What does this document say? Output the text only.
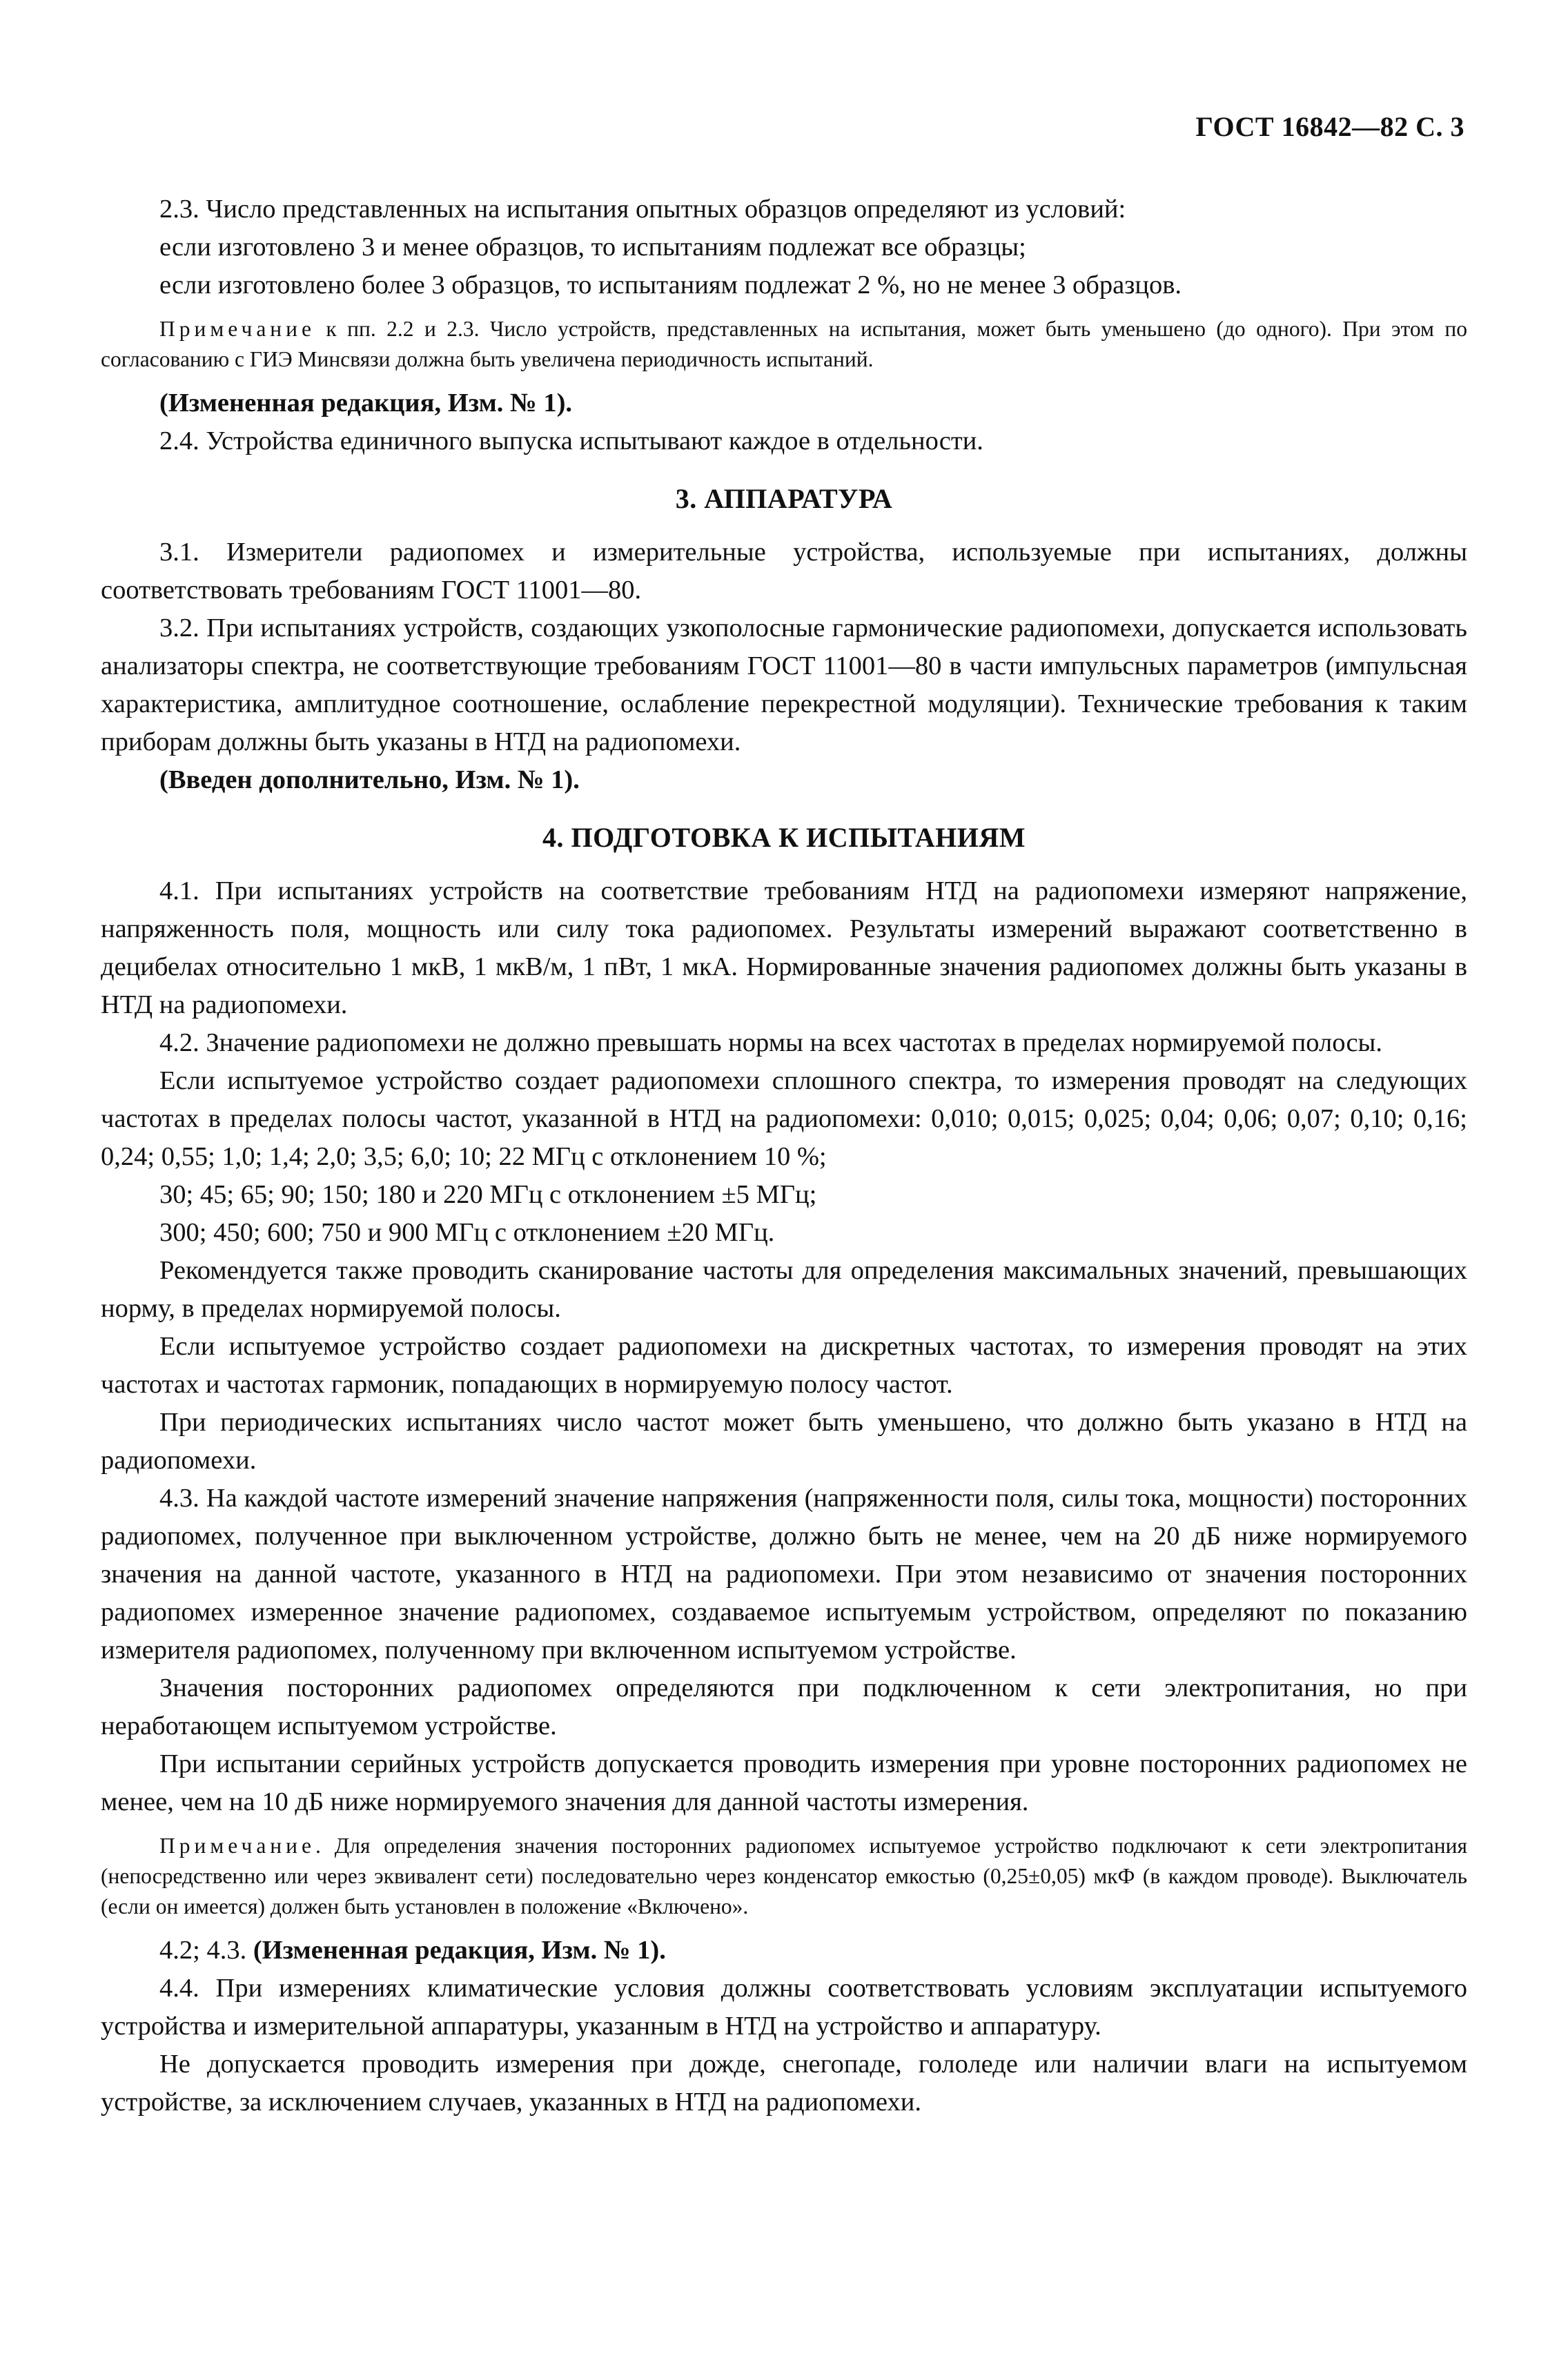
ГОСТ 16842—82 С. 3

2.3. Число представленных на испытания опытных образцов определяют из условий:

если изготовлено 3 и менее образцов, то испытаниям подлежат все образцы;

если изготовлено более 3 образцов, то испытаниям подлежат 2 %, но не менее 3 образцов.

Примечание к пп. 2.2 и 2.3. Число устройств, представленных на испытания, может быть уменьшено (до одного). При этом по согласованию с ГИЭ Минсвязи должна быть увеличена периодичность испытаний.

(Измененная редакция, Изм. № 1).

2.4. Устройства единичного выпуска испытывают каждое в отдельности.

3. АППАРАТУРА

3.1. Измерители радиопомех и измерительные устройства, используемые при испытаниях, должны соответствовать требованиям ГОСТ 11001—80.

3.2. При испытаниях устройств, создающих узкополосные гармонические радиопомехи, допускается использовать анализаторы спектра, не соответствующие требованиям ГОСТ 11001—80 в части импульсных параметров (импульсная характеристика, амплитудное соотношение, ослабление перекрестной модуляции). Технические требования к таким приборам должны быть указаны в НТД на радиопомехи.

(Введен дополнительно, Изм. № 1).

4. ПОДГОТОВКА К ИСПЫТАНИЯМ

4.1. При испытаниях устройств на соответствие требованиям НТД на радиопомехи измеряют напряжение, напряженность поля, мощность или силу тока радиопомех. Результаты измерений выражают соответственно в децибелах относительно 1 мкВ, 1 мкВ/м, 1 пВт, 1 мкА. Нормированные значения радиопомех должны быть указаны в НТД на радиопомехи.

4.2. Значение радиопомехи не должно превышать нормы на всех частотах в пределах нормируемой полосы.

Если испытуемое устройство создает радиопомехи сплошного спектра, то измерения проводят на следующих частотах в пределах полосы частот, указанной в НТД на радиопомехи: 0,010; 0,015; 0,025; 0,04; 0,06; 0,07; 0,10; 0,16; 0,24; 0,55; 1,0; 1,4; 2,0; 3,5; 6,0; 10; 22 МГц с отклонением 10 %;

30; 45; 65; 90; 150; 180 и 220 МГц с отклонением ±5 МГц;

300; 450; 600; 750 и 900 МГц с отклонением ±20 МГц.

Рекомендуется также проводить сканирование частоты для определения максимальных значений, превышающих норму, в пределах нормируемой полосы.

Если испытуемое устройство создает радиопомехи на дискретных частотах, то измерения проводят на этих частотах и частотах гармоник, попадающих в нормируемую полосу частот.

При периодических испытаниях число частот может быть уменьшено, что должно быть указано в НТД на радиопомехи.

4.3. На каждой частоте измерений значение напряжения (напряженности поля, силы тока, мощности) посторонних радиопомех, полученное при выключенном устройстве, должно быть не менее, чем на 20 дБ ниже нормируемого значения на данной частоте, указанного в НТД на радиопомехи. При этом независимо от значения посторонних радиопомех измеренное значение радиопомех, создаваемое испытуемым устройством, определяют по показанию измерителя радиопомех, полученному при включенном испытуемом устройстве.

Значения посторонних радиопомех определяются при подключенном к сети электропитания, но при неработающем испытуемом устройстве.

При испытании серийных устройств допускается проводить измерения при уровне посторонних радиопомех не менее, чем на 10 дБ ниже нормируемого значения для данной частоты измерения.

Примечание. Для определения значения посторонних радиопомех испытуемое устройство подключают к сети электропитания (непосредственно или через эквивалент сети) последовательно через конденсатор емкостью (0,25±0,05) мкФ (в каждом проводе). Выключатель (если он имеется) должен быть установлен в положение «Включено».

4.2; 4.3. (Измененная редакция, Изм. № 1).

4.4. При измерениях климатические условия должны соответствовать условиям эксплуатации испытуемого устройства и измерительной аппаратуры, указанным в НТД на устройство и аппаратуру.

Не допускается проводить измерения при дожде, снегопаде, гололеде или наличии влаги на испытуемом устройстве, за исключением случаев, указанных в НТД на радиопомехи.
